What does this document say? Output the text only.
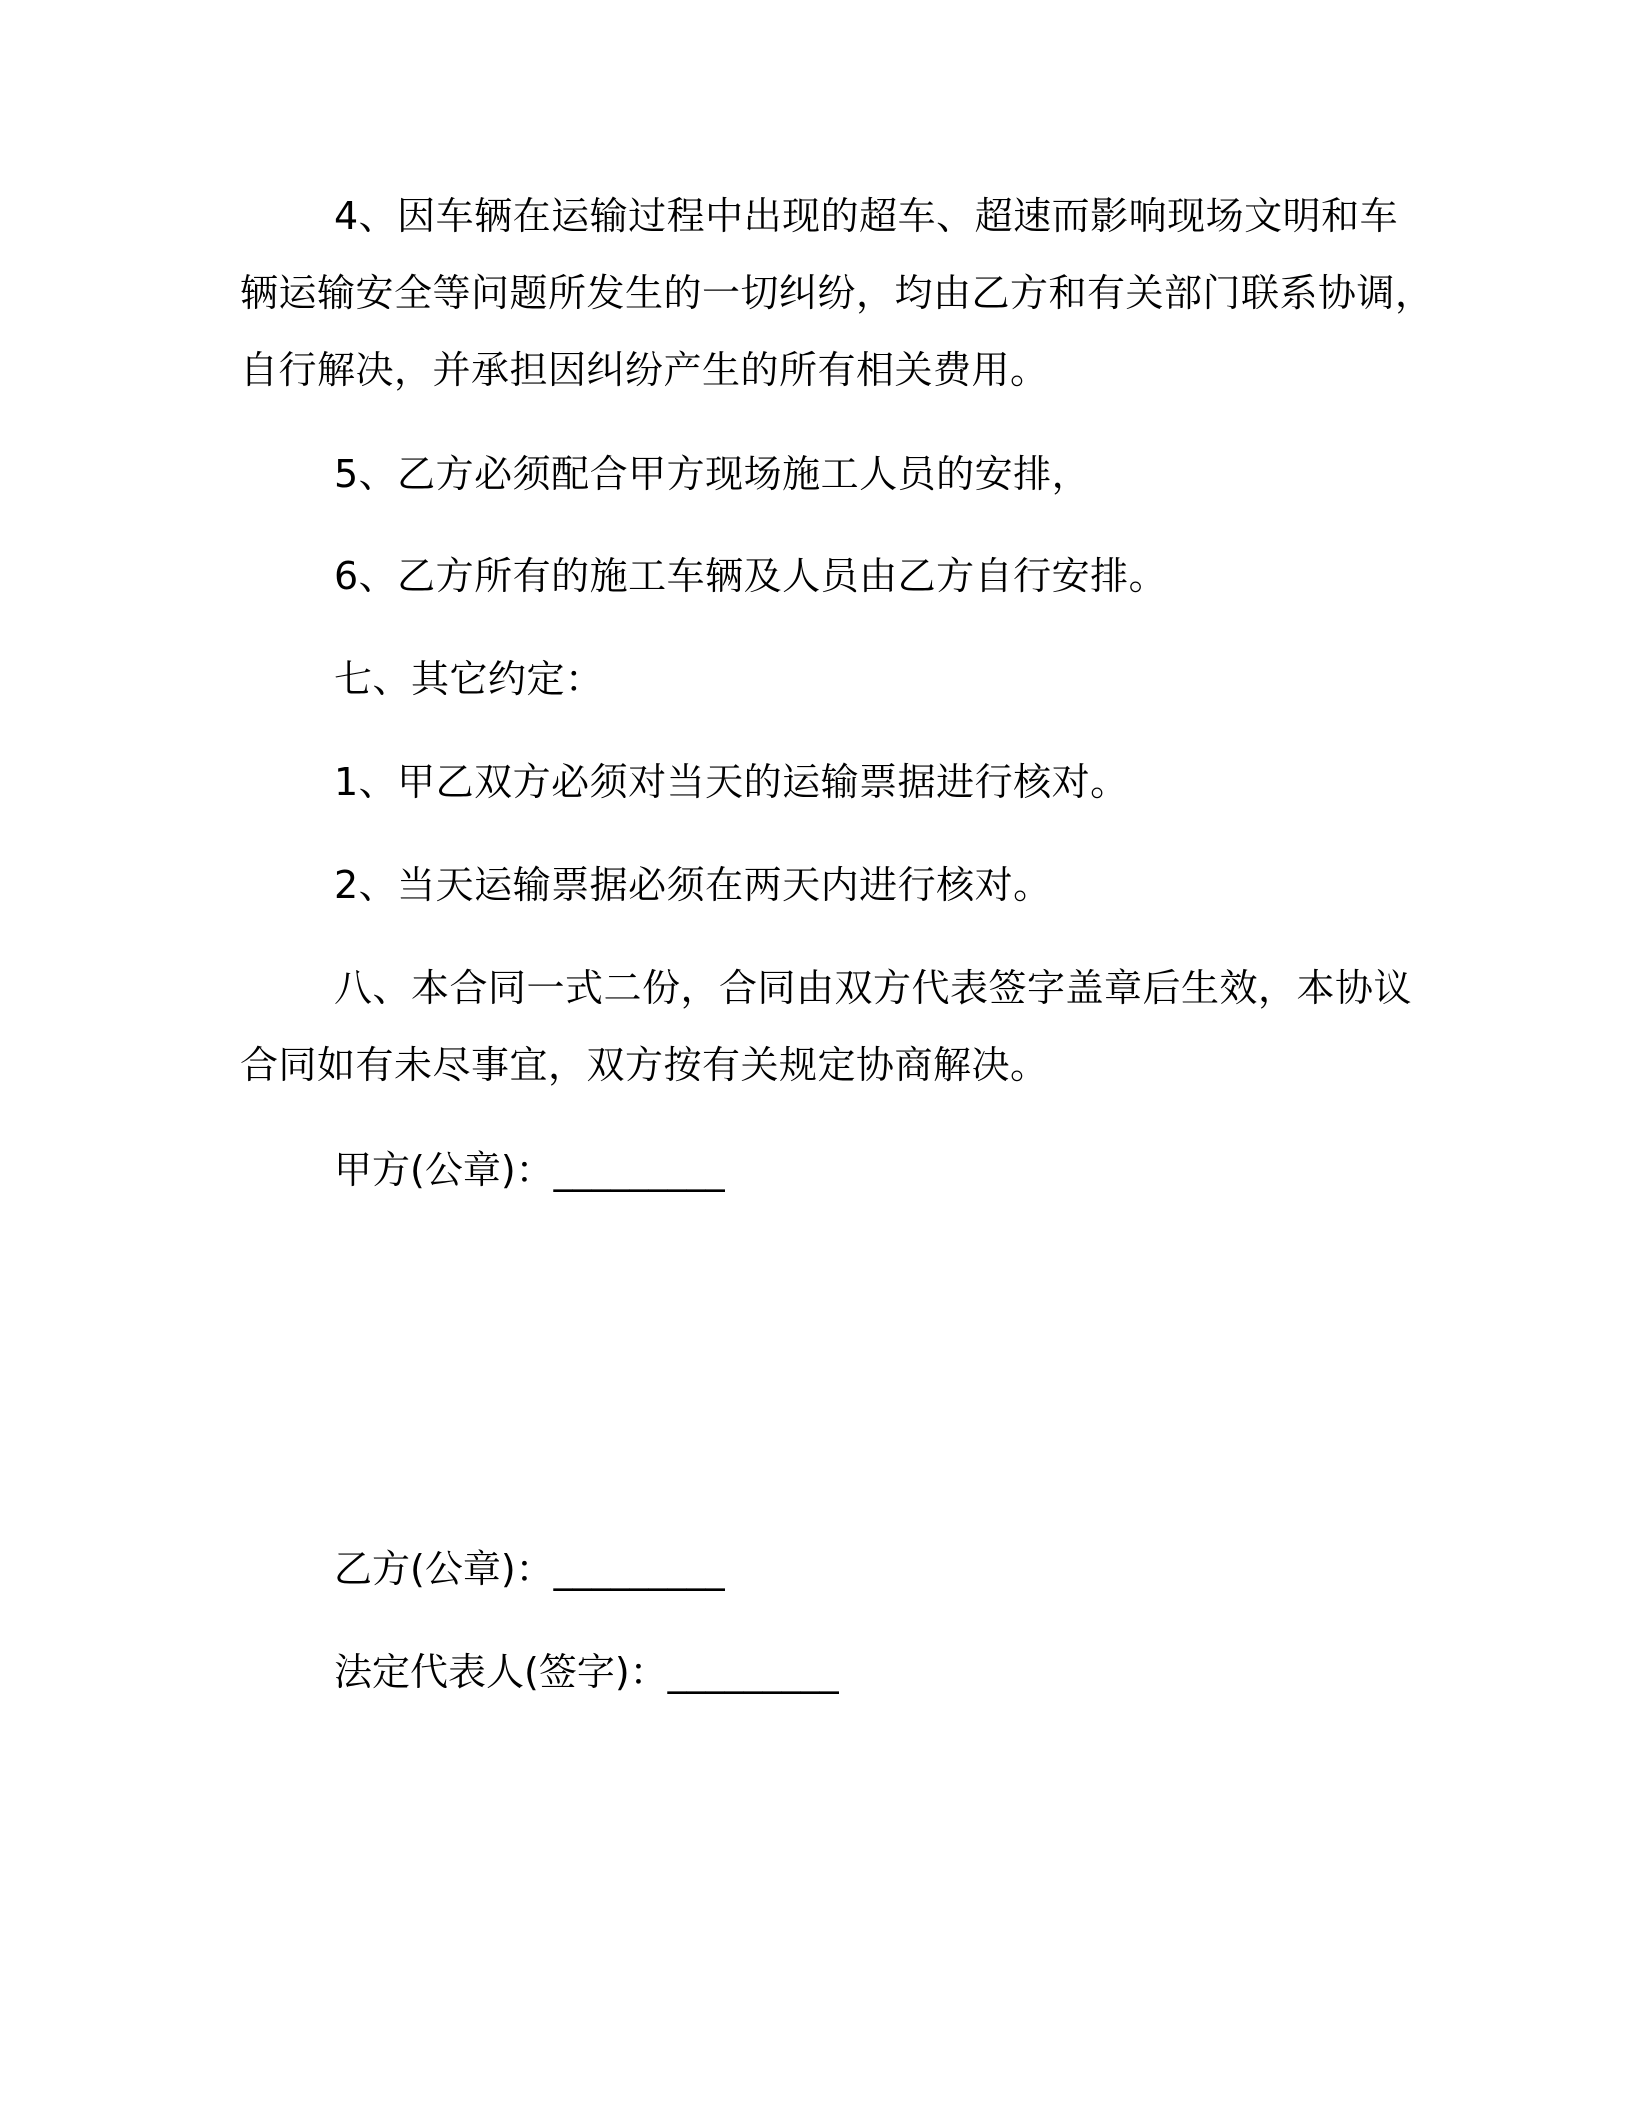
4、因车辆在运输过程中出现的超车、超速而影响现场文明和车
辆运输安全等问题所发生的一切纠纷，均由乙方和有关部门联系协调，
自行解决，并承担因纠纷产生的所有相关费用。

5、乙方必须配合甲方现场施工人员的安排，

6、乙方所有的施工车辆及人员由乙方自行安排。

七、其它约定：

1、甲乙双方必须对当天的运输票据进行核对。

2、当天运输票据必须在两天内进行核对。

八、本合同一式二份，合同由双方代表签字盖章后生效，本协议
合同如有未尽事宜，双方按有关规定协商解决。

甲方(公章)：_________
乙方(公章)：_________
法定代表人(签字)：_________
